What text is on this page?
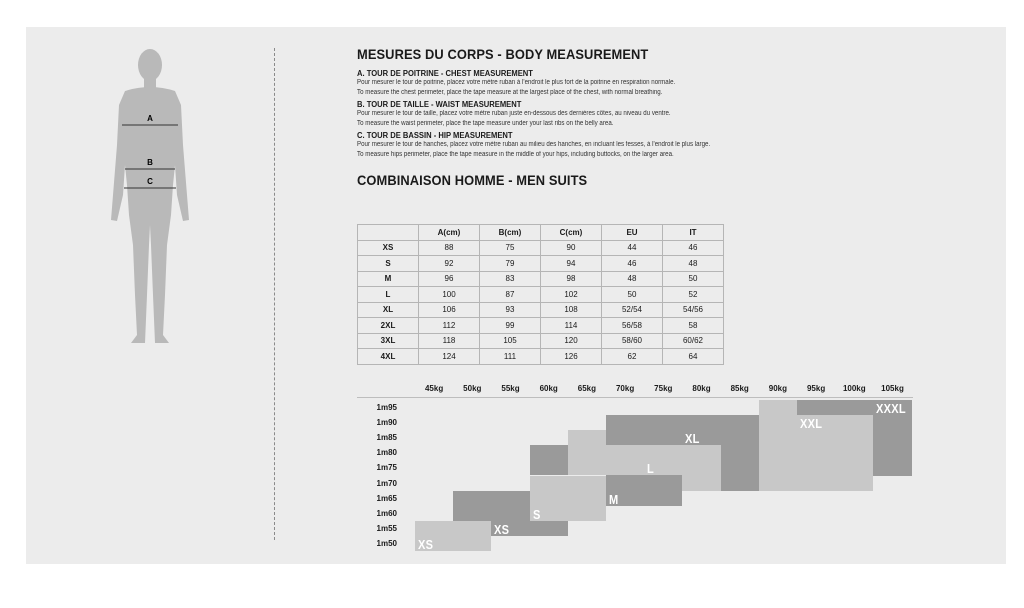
A
B
C
MESURES DU CORPS - BODY MEASUREMENT
A. TOUR DE POITRINE - CHEST MEASUREMENT

Pour mesurer le tour de poitrine, placez votre mètre ruban à l'endroit le plus fort de la poitrine en respiration normale.

To measure the chest perimeter, place the tape measure at the largest place of the chest, with normal breathing.

B. TOUR DE TAILLE - WAIST MEASUREMENT

Pour mesurer le tour de taille, placez votre mètre ruban juste en-dessous des dernières côtes, au niveau du ventre.

To measure the waist perimeter, place the tape measure under your last ribs on the belly area.

C. TOUR DE BASSIN - HIP MEASUREMENT

Pour mesurer le tour de hanches, placez votre mètre ruban au milieu des hanches, en incluant les fesses, à l'endroit le plus large.

To measure hips perimeter, place the tape measure in the middle of your hips, including buttocks, on the larger area.

COMBINAISON HOMME - MEN SUITS
	A(cm)	B(cm)	C(cm)	EU	IT
XS	88	75	90	44	46
S	92	79	94	46	48
M	96	83	98	48	50
L	100	87	102	50	52
XL	106	93	108	52/54	54/56
2XL	112	99	114	56/58	58
3XL	118	105	120	58/60	60/62
4XL	124	111	126	62	64
45kg 50kg 55kg 60kg 65kg 70kg 75kg 80kg 85kg 90kg 95kg 100kg 105kg
1m95
1m90
1m85
1m80
1m75
1m70
1m65
1m60
1m55
1m50 XS
XS
S
M
L
XL
XXL
XXXL
